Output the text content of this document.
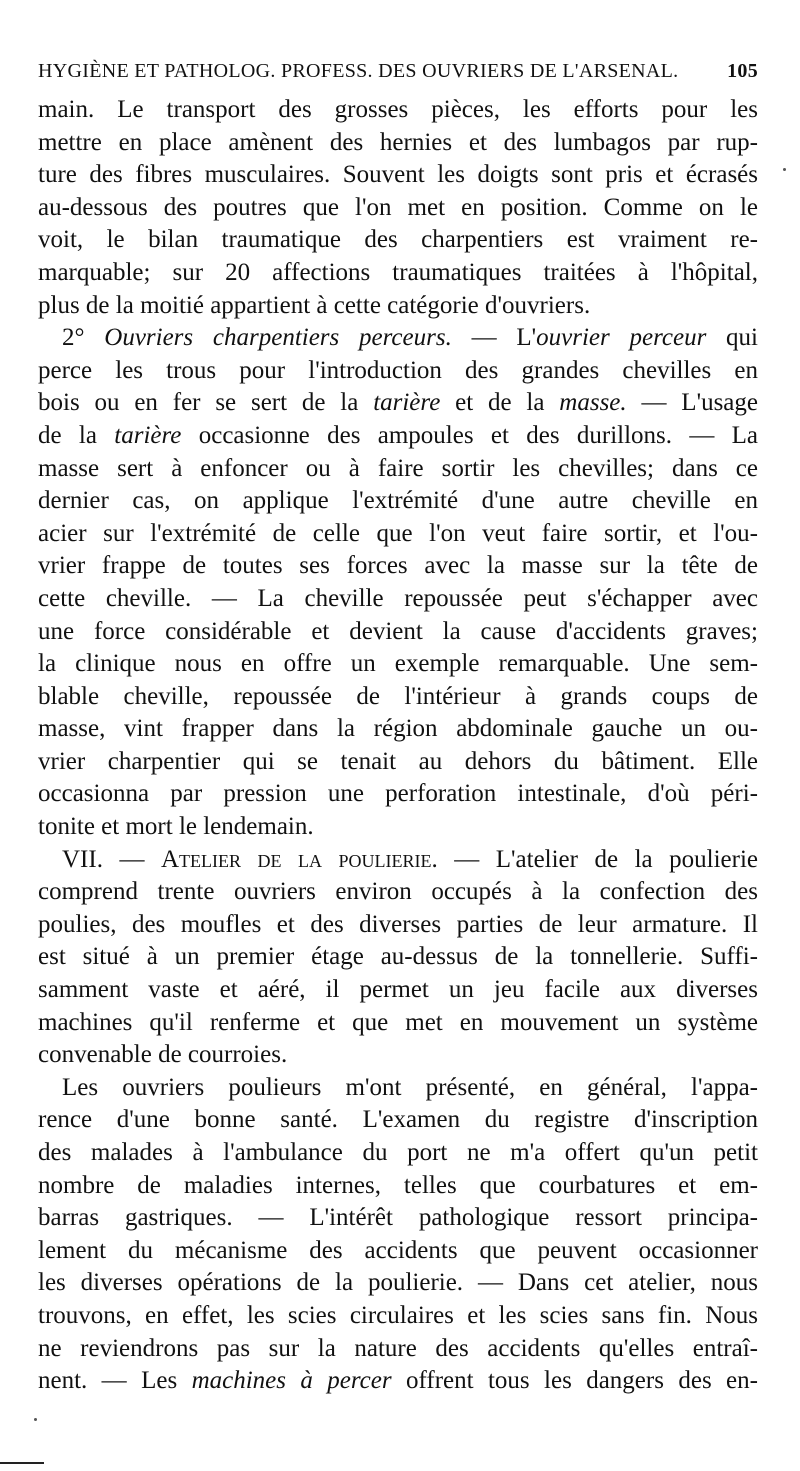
HYGIÈNE ET PATHOLOG. PROFESS. DES OUVRIERS DE L'ARSENAL. 105
main. Le transport des grosses pièces, les efforts pour les
mettre en place amènent des hernies et des lumbagos par rup-
ture des fibres musculaires. Souvent les doigts sont pris et écrasés
au-dessous des poutres que l'on met en position. Comme on le
voit, le bilan traumatique des charpentiers est vraiment re-
marquable; sur 20 affections traumatiques traitées à l'hôpital,
plus de la moitié appartient à cette catégorie d'ouvriers.
2° Ouvriers charpentiers perceurs. — L'ouvrier perceur qui
perce les trous pour l'introduction des grandes chevilles en
bois ou en fer se sert de la tarière et de la masse. — L'usage
de la tarière occasionne des ampoules et des durillons. — La
masse sert à enfoncer ou à faire sortir les chevilles; dans ce
dernier cas, on applique l'extrémité d'une autre cheville en
acier sur l'extrémité de celle que l'on veut faire sortir, et l'ou-
vrier frappe de toutes ses forces avec la masse sur la tête de
cette cheville. — La cheville repoussée peut s'échapper avec
une force considérable et devient la cause d'accidents graves;
la clinique nous en offre un exemple remarquable. Une sem-
blable cheville, repoussée de l'intérieur à grands coups de
masse, vint frapper dans la région abdominale gauche un ou-
vrier charpentier qui se tenait au dehors du bâtiment. Elle
occasionna par pression une perforation intestinale, d'où péri-
tonite et mort le lendemain.
VII. — Atelier de la poulierie. — L'atelier de la poulierie
comprend trente ouvriers environ occupés à la confection des
poulies, des moufles et des diverses parties de leur armature. Il
est situé à un premier étage au-dessus de la tonnellerie. Suffi-
samment vaste et aéré, il permet un jeu facile aux diverses
machines qu'il renferme et que met en mouvement un système
convenable de courroies.
Les ouvriers pouliеurs m'ont présenté, en général, l'appa-
rence d'une bonne santé. L'examen du registre d'inscription
des malades à l'ambulance du port ne m'a offert qu'un petit
nombre de maladies internes, telles que courbatures et em-
barras gastriques. — L'intérêt pathologique ressort principa-
lement du mécanisme des accidents que peuvent occasionner
les diverses opérations de la poulierie. — Dans cet atelier, nous
trouvons, en effet, les scies circulaires et les scies sans fin. Nous
ne reviendrons pas sur la nature des accidents qu'elles entraî-
nent. — Les machines à percer offrent tous les dangers des en-
